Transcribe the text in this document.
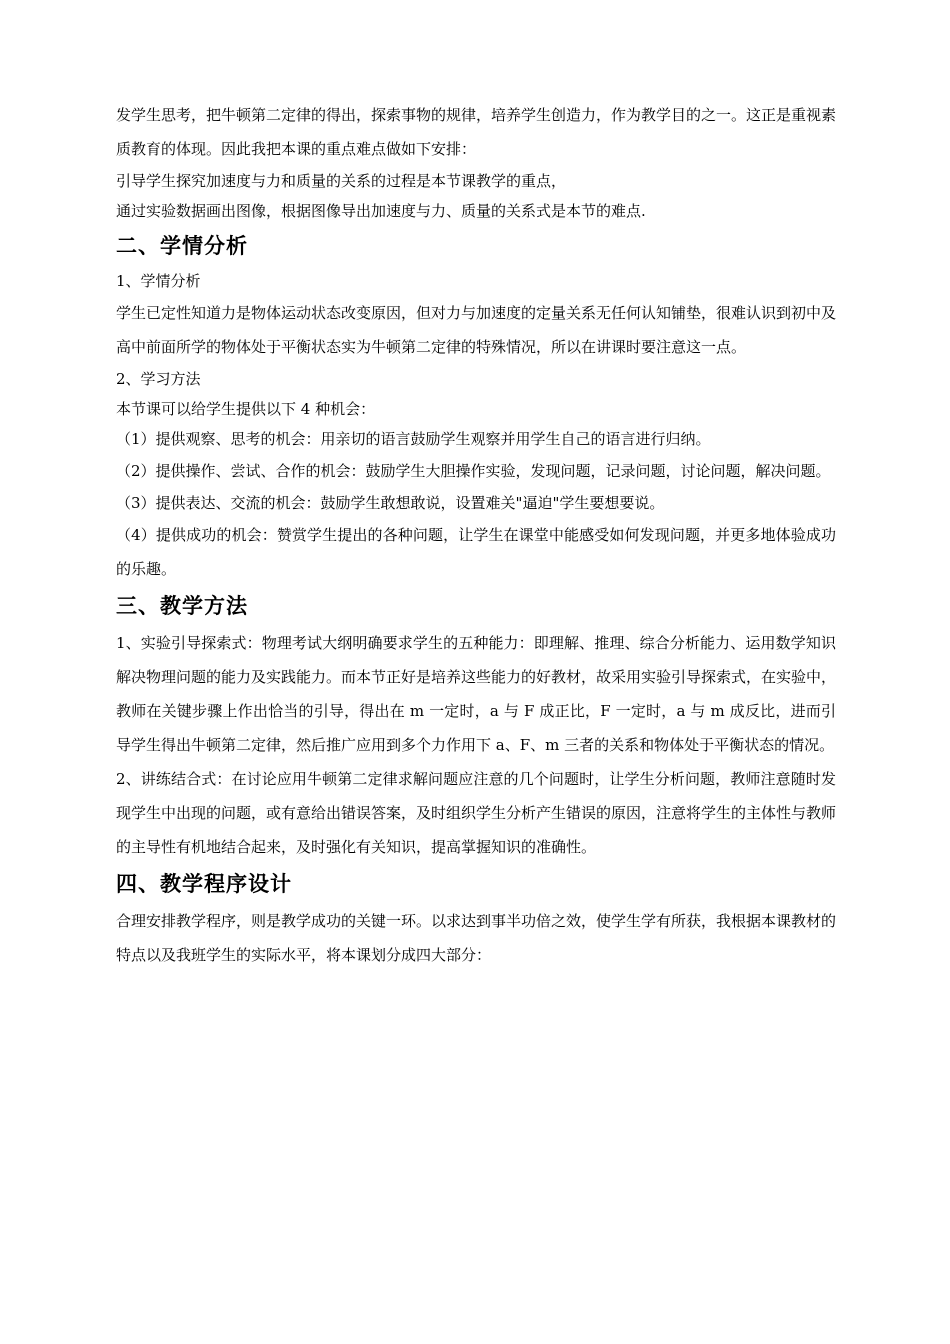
发学生思考，把牛顿第二定律的得出，探索事物的规律，培养学生创造力，作为教学目的之一。这正是重视素质教育的体现。因此我把本课的重点难点做如下安排：

引导学生探究加速度与力和质量的关系的过程是本节课教学的重点，

通过实验数据画出图像，根据图像导出加速度与力、质量的关系式是本节的难点.

二、学情分析

1、学情分析

学生已定性知道力是物体运动状态改变原因，但对力与加速度的定量关系无任何认知铺垫，很难认识到初中及高中前面所学的物体处于平衡状态实为牛顿第二定律的特殊情况，所以在讲课时要注意这一点。

2、学习方法

本节课可以给学生提供以下 4 种机会：

（1）提供观察、思考的机会：用亲切的语言鼓励学生观察并用学生自己的语言进行归纳。

（2）提供操作、尝试、合作的机会：鼓励学生大胆操作实验，发现问题，记录问题，讨论问题，解决问题。

（3）提供表达、交流的机会：鼓励学生敢想敢说，设置难关"逼迫"学生要想要说。

（4）提供成功的机会：赞赏学生提出的各种问题，让学生在课堂中能感受如何发现问题，并更多地体验成功的乐趣。

三、教学方法

1、实验引导探索式：物理考试大纲明确要求学生的五种能力：即理解、推理、综合分析能力、运用数学知识解决物理问题的能力及实践能力。而本节正好是培养这些能力的好教材，故采用实验引导探索式，在实验中，教师在关键步骤上作出恰当的引导，得出在 m 一定时，a 与 F 成正比，F 一定时，a 与 m 成反比，进而引导学生得出牛顿第二定律，然后推广应用到多个力作用下 a、F、m 三者的关系和物体处于平衡状态的情况。

2、讲练结合式：在讨论应用牛顿第二定律求解问题应注意的几个问题时，让学生分析问题，教师注意随时发现学生中出现的问题，或有意给出错误答案，及时组织学生分析产生错误的原因，注意将学生的主体性与教师的主导性有机地结合起来，及时强化有关知识，提高掌握知识的准确性。

四、教学程序设计

合理安排教学程序，则是教学成功的关键一环。以求达到事半功倍之效，使学生学有所获，我根据本课教材的特点以及我班学生的实际水平，将本课划分成四大部分：
